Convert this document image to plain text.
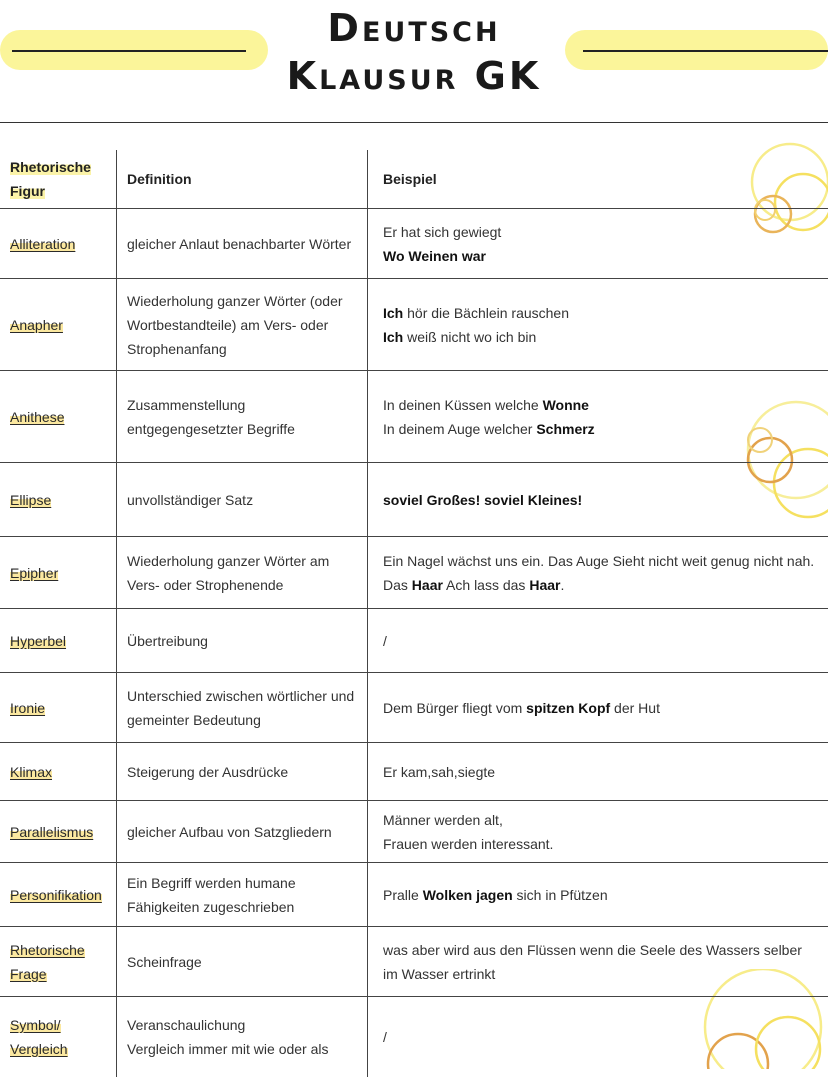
Deutsch
Klausur GK
Rhetorische Figur	Definition	Beispiel
Alliteration	gleicher Anlaut benachbarter Wörter	Er hat sich gewiegt
Wo Weinen war

Anapher	Wiederholung ganzer Wörter (oder Wortbestandteile) am Vers- oder Strophenanfang	Ich hör die Bächlein rauschen
Ich weiß nicht wo ich bin

Anithese	Zusammenstellung entgegengesetzter Begriffe	In deinen Küssen welche Wonne
In deinem Auge welcher Schmerz

Ellipse	unvollständiger Satz	soviel Großes! soviel Kleines!

Epipher	Wiederholung ganzer Wörter am Vers- oder Strophenende	Ein Nagel wächst uns ein. Das Auge Sieht nicht weit genug nicht nah. Das Haar Ach lass das Haar.

Hyperbel	Übertreibung	/

Ironie	Unterschied zwischen wörtlicher und gemeinter Bedeutung	Dem Bürger fliegt vom spitzen Kopf der Hut

Klimax	Steigerung der Ausdrücke	Er kam,sah,siegte

Parallelismus	gleicher Aufbau von Satzgliedern	Männer werden alt,
Frauen werden interessant.

Personifikation	Ein Begriff werden humane Fähigkeiten zugeschrieben	Pralle Wolken jagen sich in Pfützen

Rhetorische Frage	Scheinfrage	was aber wird aus den Flüssen wenn die Seele des Wassers selber im Wasser ertrinkt

Symbol/ Vergleich	Veranschaulichung
Vergleich immer mit wie oder als	/
